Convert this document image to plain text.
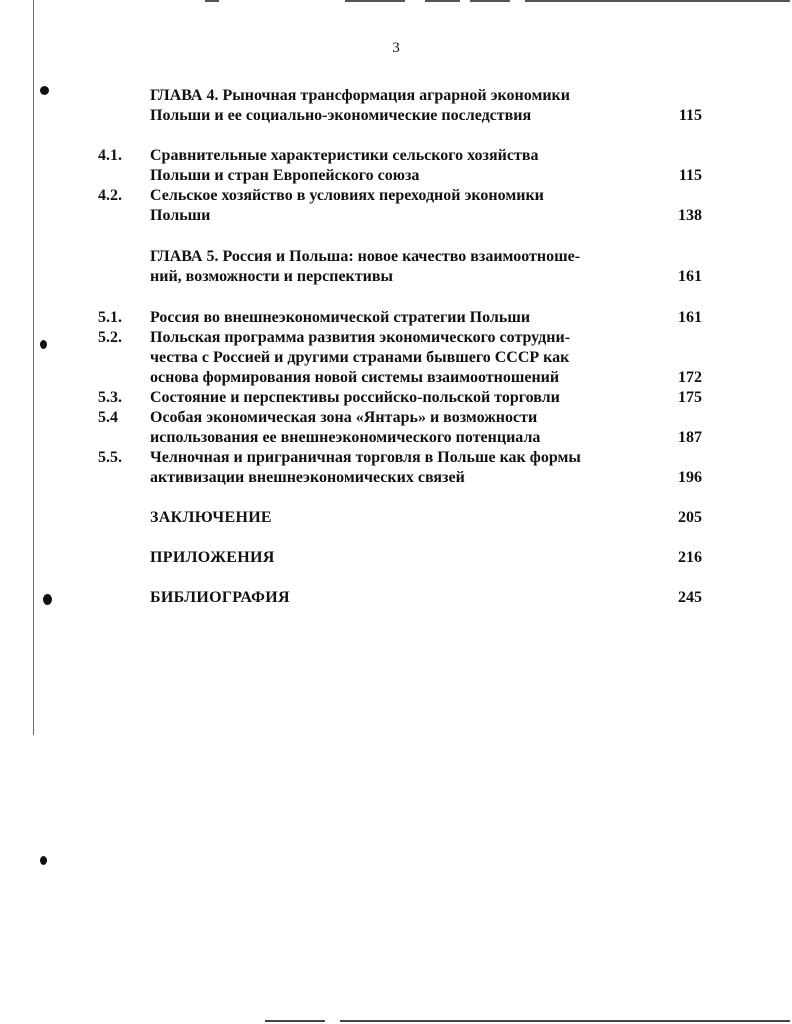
3
ГЛАВА 4. Рыночная трансформация аграрной экономики
Польши и ее социально-экономические последствия	115
4.1. Сравнительные характеристики сельского хозяйства
Польши и стран Европейского союза	115
4.2. Сельское хозяйство в условиях переходной экономики
Польши	138
ГЛАВА 5. Россия и Польша: новое качество взаимоотноше-
ний, возможности и перспективы	161
5.1. Россия во внешнеэкономической стратегии Польши	161
5.2. Польская программа развития экономического сотрудни-
чества с Россией и другими странами бывшего СССР как
основа формирования новой системы взаимоотношений	172
5.3. Состояние и перспективы российско-польской торговли	175
5.4 Особая экономическая зона «Янтарь» и возможности
использования ее внешнеэкономического потенциала	187
5.5. Челночная и приграничная торговля в Польше как формы
активизации внешнеэкономических связей	196
ЗАКЛЮЧЕНИЕ	205
ПРИЛОЖЕНИЯ	216
БИБЛИОГРАФИЯ	245
